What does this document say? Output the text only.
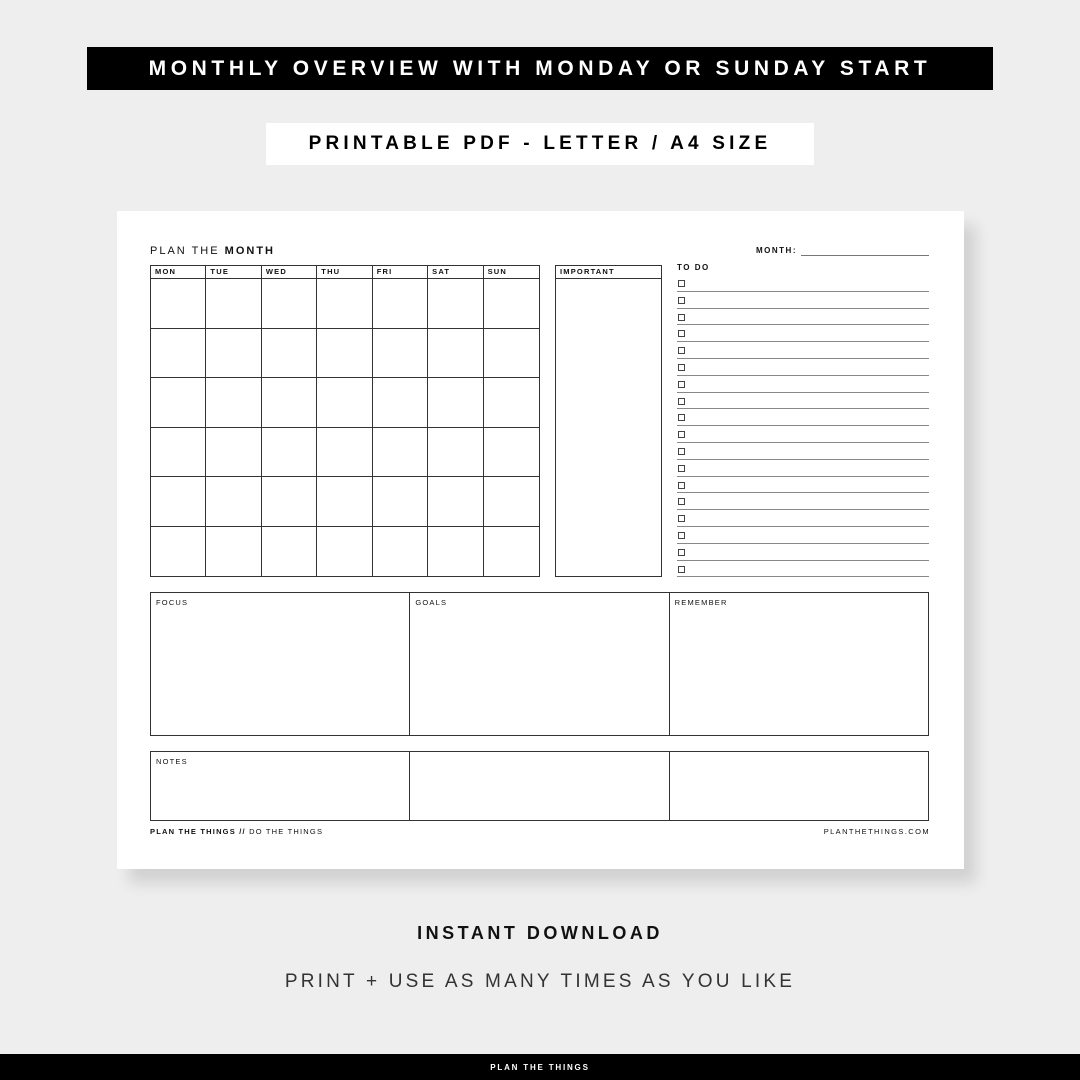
MONTHLY OVERVIEW WITH MONDAY OR SUNDAY START
PRINTABLE PDF - LETTER / A4 SIZE
PLAN THE MONTH	MONTH:
MON	TUE	WED	THU	FRI	SAT	SUN	IMPORTANT	TO DO
FOCUS	GOALS	REMEMBER
NOTES
PLAN THE THINGS // DO THE THINGS	PLANTHETHINGS.COM
INSTANT DOWNLOAD
PRINT + USE AS MANY TIMES AS YOU LIKE
PLAN THE THINGS
